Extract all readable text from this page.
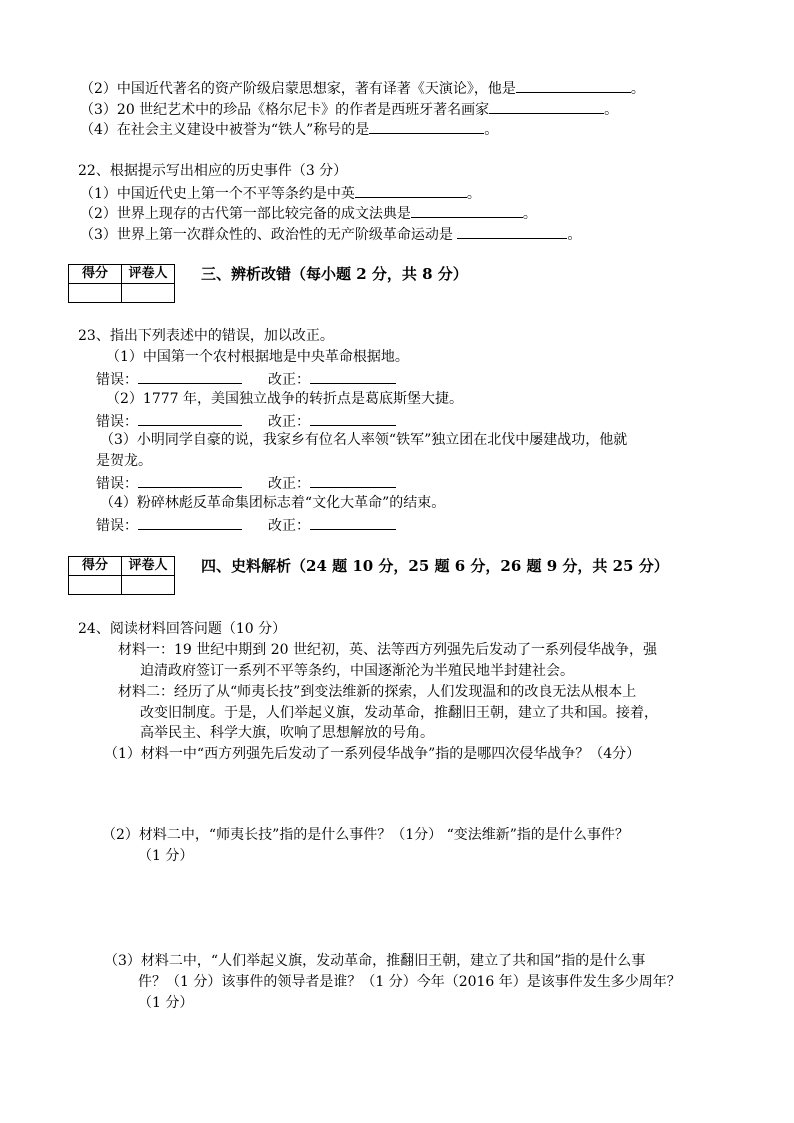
（2）中国近代著名的资产阶级启蒙思想家，著有译著《天演论》，他是	。
（3）20 世纪艺术中的珍品《格尔尼卡》的作者是西班牙著名画家	。
（4）在社会主义建设中被誉为“铁人”称号的是	。
22、根据提示写出相应的历史事件（3 分）
（1）中国近代史上第一个不平等条约是中英	。
（2）世界上现存的古代第一部比较完备的成文法典是	。
（3）世界上第一次群众性的、政治性的无产阶级革命运动是	。
得分	评卷人
	三、辨析改错（每小题 2 分，共 8 分）
23、指出下列表述中的错误，加以改正。
（1）中国第一个农村根据地是中央革命根据地。
错误：	改正：
（2）1777 年，美国独立战争的转折点是葛底斯堡大捷。
错误：	改正：
（3）小明同学自豪的说，我家乡有位名人率领“铁军”独立团在北伐中屡建战功，他就
是贺龙。
错误：	改正：
（4）粉碎林彪反革命集团标志着“文化大革命”的结束。
错误：	改正：
得分	评卷人
	四、史料解析（24 题 10 分，25 题 6 分，26 题 9 分，共 25 分）
24、阅读材料回答问题（10 分）
材料一：19 世纪中期到 20 世纪初，英、法等西方列强先后发动了一系列侵华战争，强
迫清政府签订一系列不平等条约，中国逐渐沦为半殖民地半封建社会。
材料二：经历了从“师夷长技”到变法维新的探索，人们发现温和的改良无法从根本上
改变旧制度。于是，人们举起义旗，发动革命，推翻旧王朝，建立了共和国。接着，
高举民主、科学大旗，吹响了思想解放的号角。
（1）材料一中“西方列强先后发动了一系列侵华战争”指的是哪四次侵华战争？（4分）
（2）材料二中，“师夷长技”指的是什么事件？（1分） “变法维新”指的是什么事件？
（1 分）
（3）材料二中，“人们举起义旗，发动革命，推翻旧王朝，建立了共和国”指的是什么事
件？（1 分）该事件的领导者是谁？（1 分）今年（2016 年）是该事件发生多少周年？
（1 分）
